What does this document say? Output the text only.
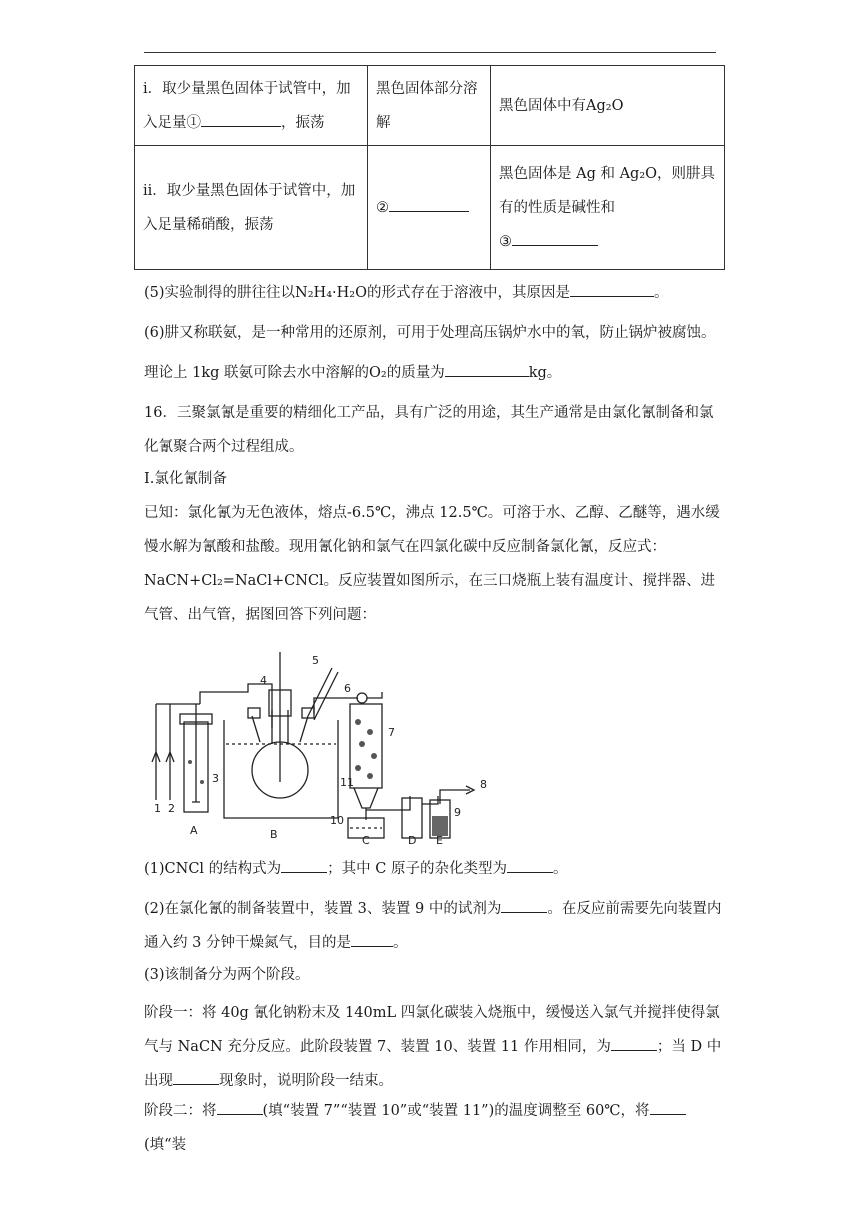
i．取少量黑色固体于试管中，加入足量① ，振荡	黑色固体部分溶解	黑色固体中有Ag₂O
ii．取少量黑色固体于试管中，加入足量稀硝酸，振荡	②	黑色固体是 Ag 和 Ag₂O，则肼具有的性质是碱性和
③

(5)实验制得的肼往往以N₂H₄·H₂O的形式存在于溶液中，其原因是	。

(6)肼又称联氨，是一种常用的还原剂，可用于处理高压锅炉水中的氧，防止锅炉被腐蚀。

理论上 1kg 联氨可除去水中溶解的O₂的质量为	kg。

16．三聚氯氰是重要的精细化工产品，具有广泛的用途，其生产通常是由氯化氰制备和氯化氰聚合两个过程组成。

I.氯化氰制备

已知：氯化氰为无色液体，熔点-6.5℃，沸点 12.5℃。可溶于水、乙醇、乙醚等，遇水缓慢水解为氰酸和盐酸。现用氰化钠和氯气在四氯化碳中反应制备氯化氰，反应式：NaCN+Cl₂=NaCl+CNCl。反应装置如图所示，在三口烧瓶上装有温度计、搅拌器、进气管、出气管，据图回答下列问题：

1 2
3
4
5
6
7
8
9
10
11
A	B	C	D E

(1)CNCl 的结构式为	；其中 C 原子的杂化类型为	。

(2)在氯化氰的制备装置中，装置 3、装置 9 中的试剂为	。在反应前需要先向装置内通入约 3 分钟干燥氮气，目的是	。

(3)该制备分为两个阶段。

阶段一：将 40g 氰化钠粉末及 140mL 四氯化碳装入烧瓶中，缓慢送入氯气并搅拌使得氯气与 NaCN 充分反应。此阶段装置 7、装置 10、装置 11 作用相同，为	；当 D 中出现	现象时，说明阶段一结束。

阶段二：将	(填“装置 7”“装置 10”或“装置 11”)的温度调整至 60℃，将(填“装
